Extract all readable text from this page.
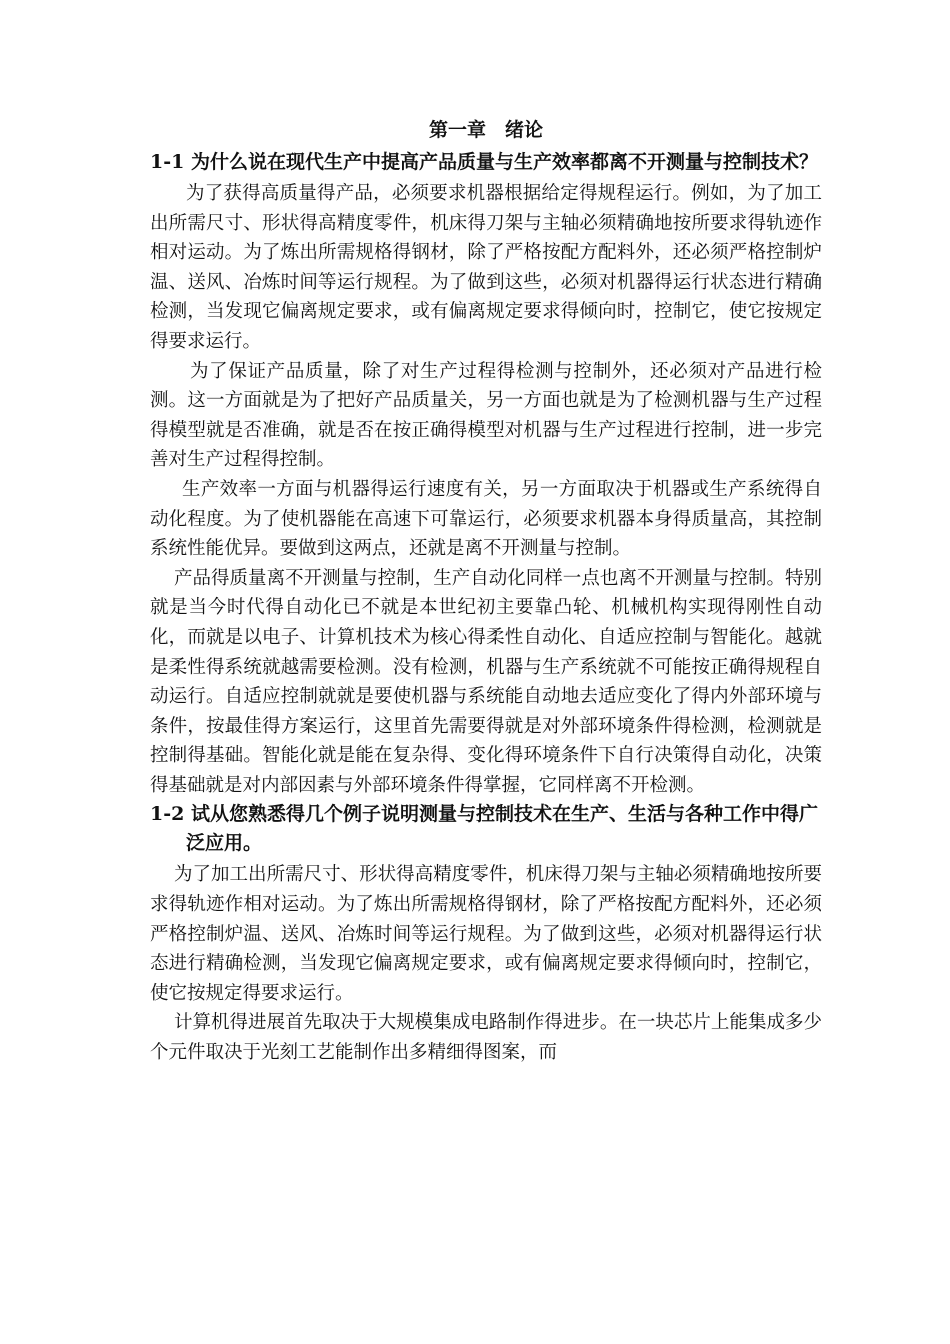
第一章　绪论
1-1 为什么说在现代生产中提高产品质量与生产效率都离不开测量与控制技术？

为了获得高质量得产品，必须要求机器根据给定得规程运行。例如，为了加工出所需尺寸、形状得高精度零件，机床得刀架与主轴必须精确地按所要求得轨迹作相对运动。为了炼出所需规格得钢材，除了严格按配方配料外，还必须严格控制炉温、送风、冶炼时间等运行规程。为了做到这些，必须对机器得运行状态进行精确检测，当发现它偏离规定要求，或有偏离规定要求得倾向时，控制它，使它按规定得要求运行。

为了保证产品质量，除了对生产过程得检测与控制外，还必须对产品进行检测。这一方面就是为了把好产品质量关，另一方面也就是为了检测机器与生产过程得模型就是否准确，就是否在按正确得模型对机器与生产过程进行控制，进一步完善对生产过程得控制。

生产效率一方面与机器得运行速度有关，另一方面取决于机器或生产系统得自动化程度。为了使机器能在高速下可靠运行，必须要求机器本身得质量高，其控制系统性能优异。要做到这两点，还就是离不开测量与控制。

产品得质量离不开测量与控制，生产自动化同样一点也离不开测量与控制。特别就是当今时代得自动化已不就是本世纪初主要靠凸轮、机械机构实现得刚性自动化，而就是以电子、计算机技术为核心得柔性自动化、自适应控制与智能化。越就是柔性得系统就越需要检测。没有检测，机器与生产系统就不可能按正确得规程自动运行。自适应控制就就是要使机器与系统能自动地去适应变化了得内外部环境与条件，按最佳得方案运行，这里首先需要得就是对外部环境条件得检测，检测就是控制得基础。智能化就是能在复杂得、变化得环境条件下自行决策得自动化，决策得基础就是对内部因素与外部环境条件得掌握，它同样离不开检测。

1-2 试从您熟悉得几个例子说明测量与控制技术在生产、生活与各种工作中得广泛应用。

为了加工出所需尺寸、形状得高精度零件，机床得刀架与主轴必须精确地按所要求得轨迹作相对运动。为了炼出所需规格得钢材，除了严格按配方配料外，还必须严格控制炉温、送风、冶炼时间等运行规程。为了做到这些，必须对机器得运行状态进行精确检测，当发现它偏离规定要求，或有偏离规定要求得倾向时，控制它，使它按规定得要求运行。

计算机得进展首先取决于大规模集成电路制作得进步。在一块芯片上能集成多少个元件取决于光刻工艺能制作出多精细得图案，而
